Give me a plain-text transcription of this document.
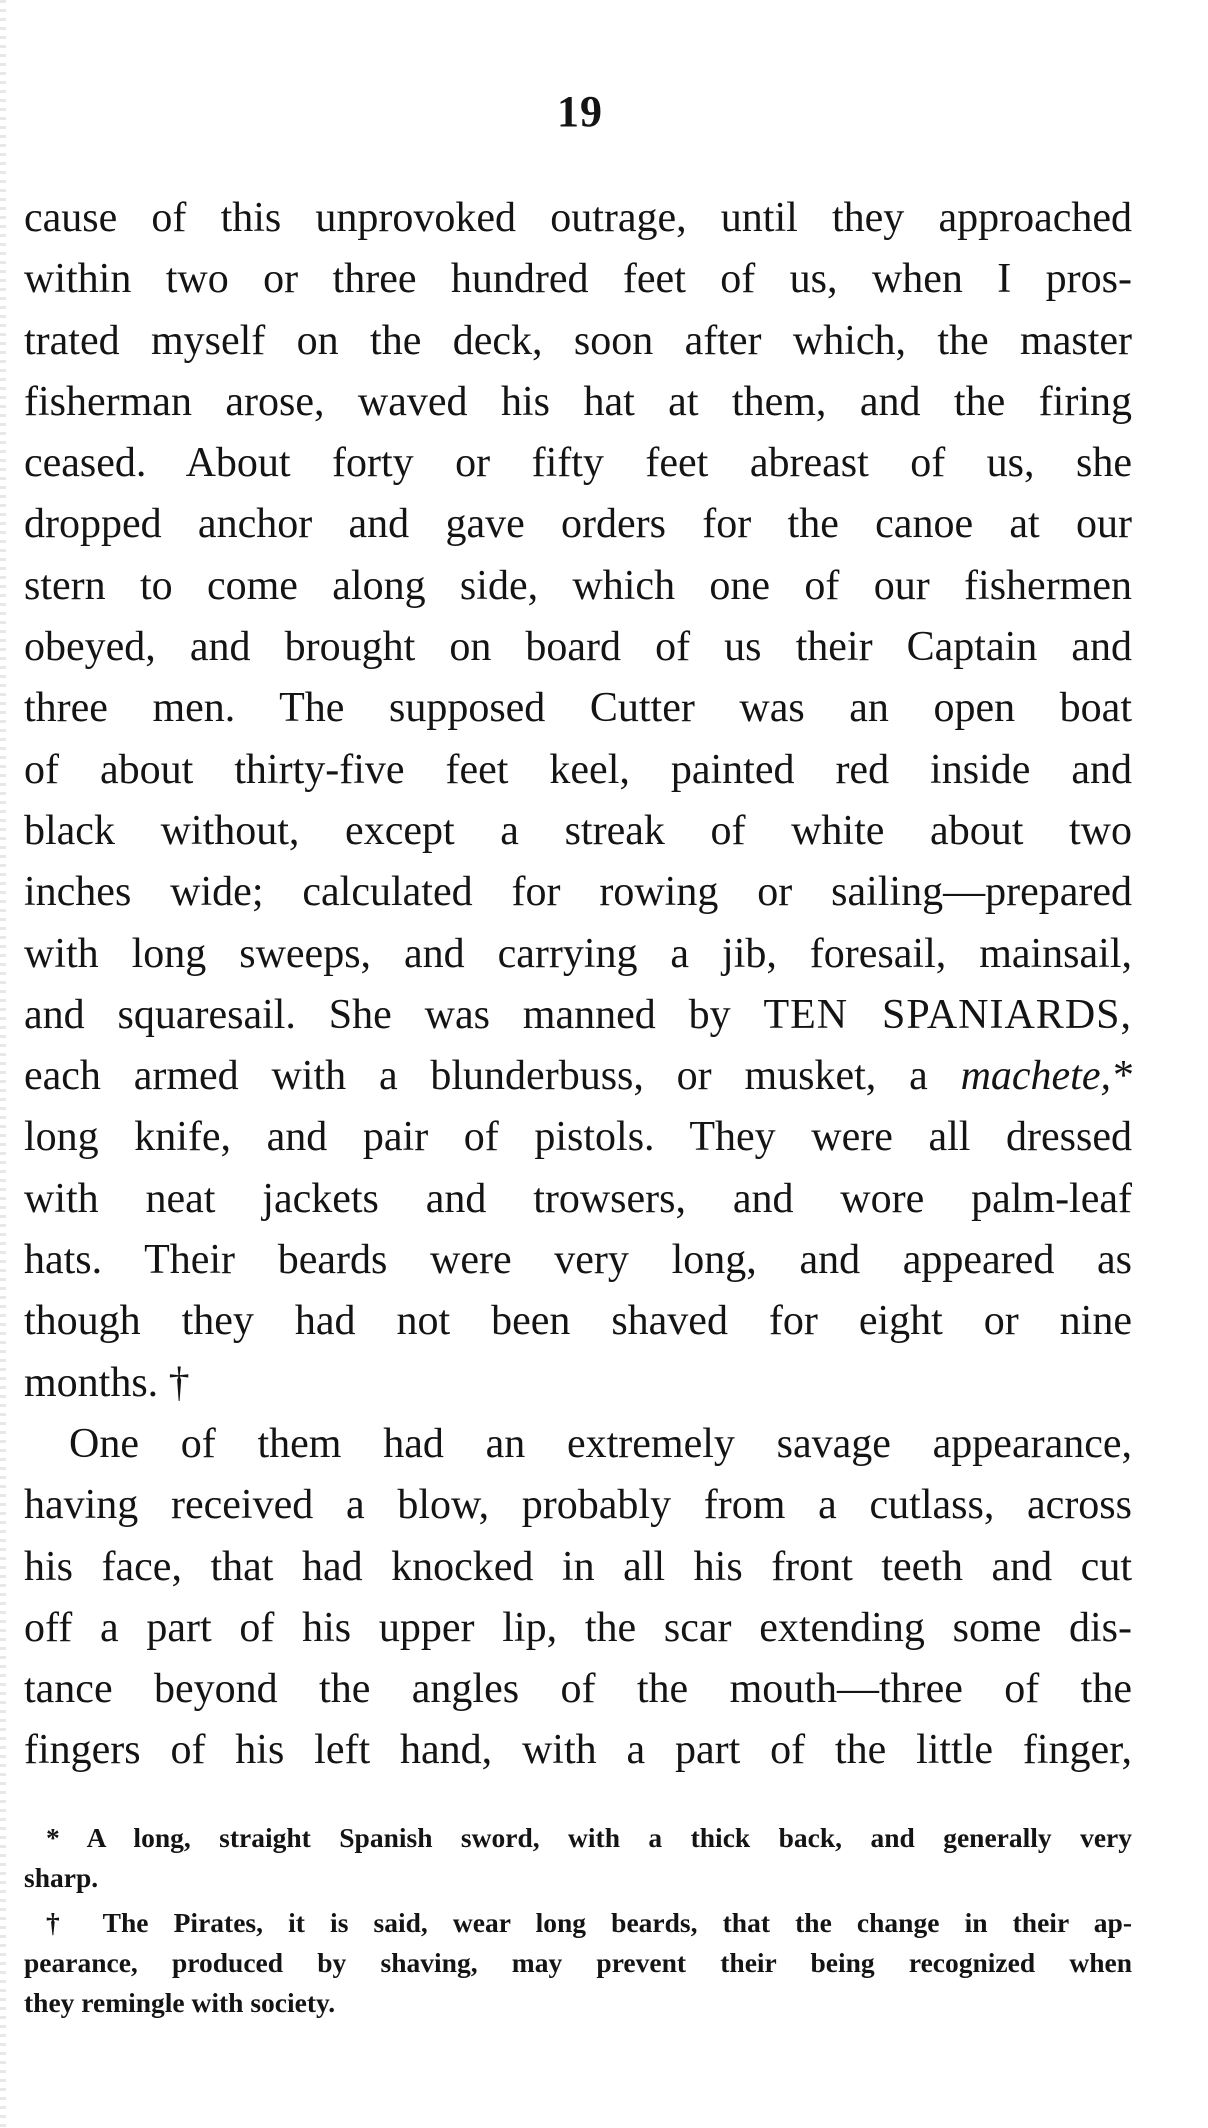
19
cause of this unprovoked outrage, until they approached
within two or three hundred feet of us, when I pros-
trated myself on the deck, soon after which, the master
fisherman arose, waved his hat at them, and the firing
ceased. About forty or fifty feet abreast of us, she
dropped anchor and gave orders for the canoe at our
stern to come along side, which one of our fishermen
obeyed, and brought on board of us their Captain and
three men. The supposed Cutter was an open boat
of about thirty-five feet keel, painted red inside and
black without, except a streak of white about two
inches wide; calculated for rowing or sailing—prepared
with long sweeps, and carrying a jib, foresail, mainsail,
and squaresail. She was manned by TEN SPANIARDS,
each armed with a blunderbuss, or musket, a machete,*
long knife, and pair of pistols. They were all dressed
with neat jackets and trowsers, and wore palm-leaf
hats. Their beards were very long, and appeared as
though they had not been shaved for eight or nine
months. †
One of them had an extremely savage appearance,
having received a blow, probably from a cutlass, across
his face, that had knocked in all his front teeth and cut
off a part of his upper lip, the scar extending some dis-
tance beyond the angles of the mouth—three of the
fingers of his left hand, with a part of the little finger,
* A long, straight Spanish sword, with a thick back, and generally very
sharp.
† The Pirates, it is said, wear long beards, that the change in their ap-
pearance, produced by shaving, may prevent their being recognized when
they remingle with society.
